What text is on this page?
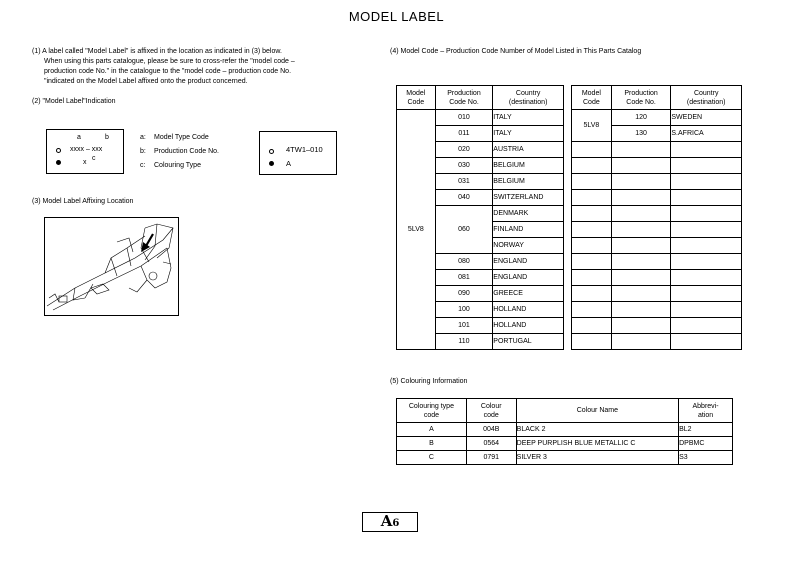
MODEL LABEL
(1) A label called "Model Label" is affixed in the location as indicated in (3) below.
When using this parts catalogue, please be sure to cross-refer the "model code –
production code No." in the catalogue to the "model code – production code No.
"indicated on the Model Label affixed onto the product concerned.
(2) "Model Label"Indication
a	b
xxxx – xxx
x
c
a: Model Type Code
b: Production Code No.
c: Colouring Type
4TW1–010
A
(3) Model Label Affixing Location
(4) Model Code – Production Code Number of Model Listed in This Parts Catalog
Model
Code	Production
Code No.	Country
(destination)
5LV8	010	ITALY
	011	ITALY
	020	AUSTRIA
	030	BELGIUM
	031	BELGIUM
	040	SWITZERLAND
	060	DENMARK
		FINLAND
		NORWAY
	080	ENGLAND
	081	ENGLAND
	090	GREECE
	100	HOLLAND
	101	HOLLAND
	110	PORTUGAL
Model
Code	Production
Code No.	Country
(destination)
5LV8	120	SWEDEN
	130	S.AFRICA

(5) Colouring Information
Colouring type
code	Colour
code	Colour Name	Abbrevi-
ation
A	004B	BLACK 2	BL2
B	0564	DEEP PURPLISH BLUE METALLIC C	DPBMC
C	0791	SILVER 3	S3
A6
